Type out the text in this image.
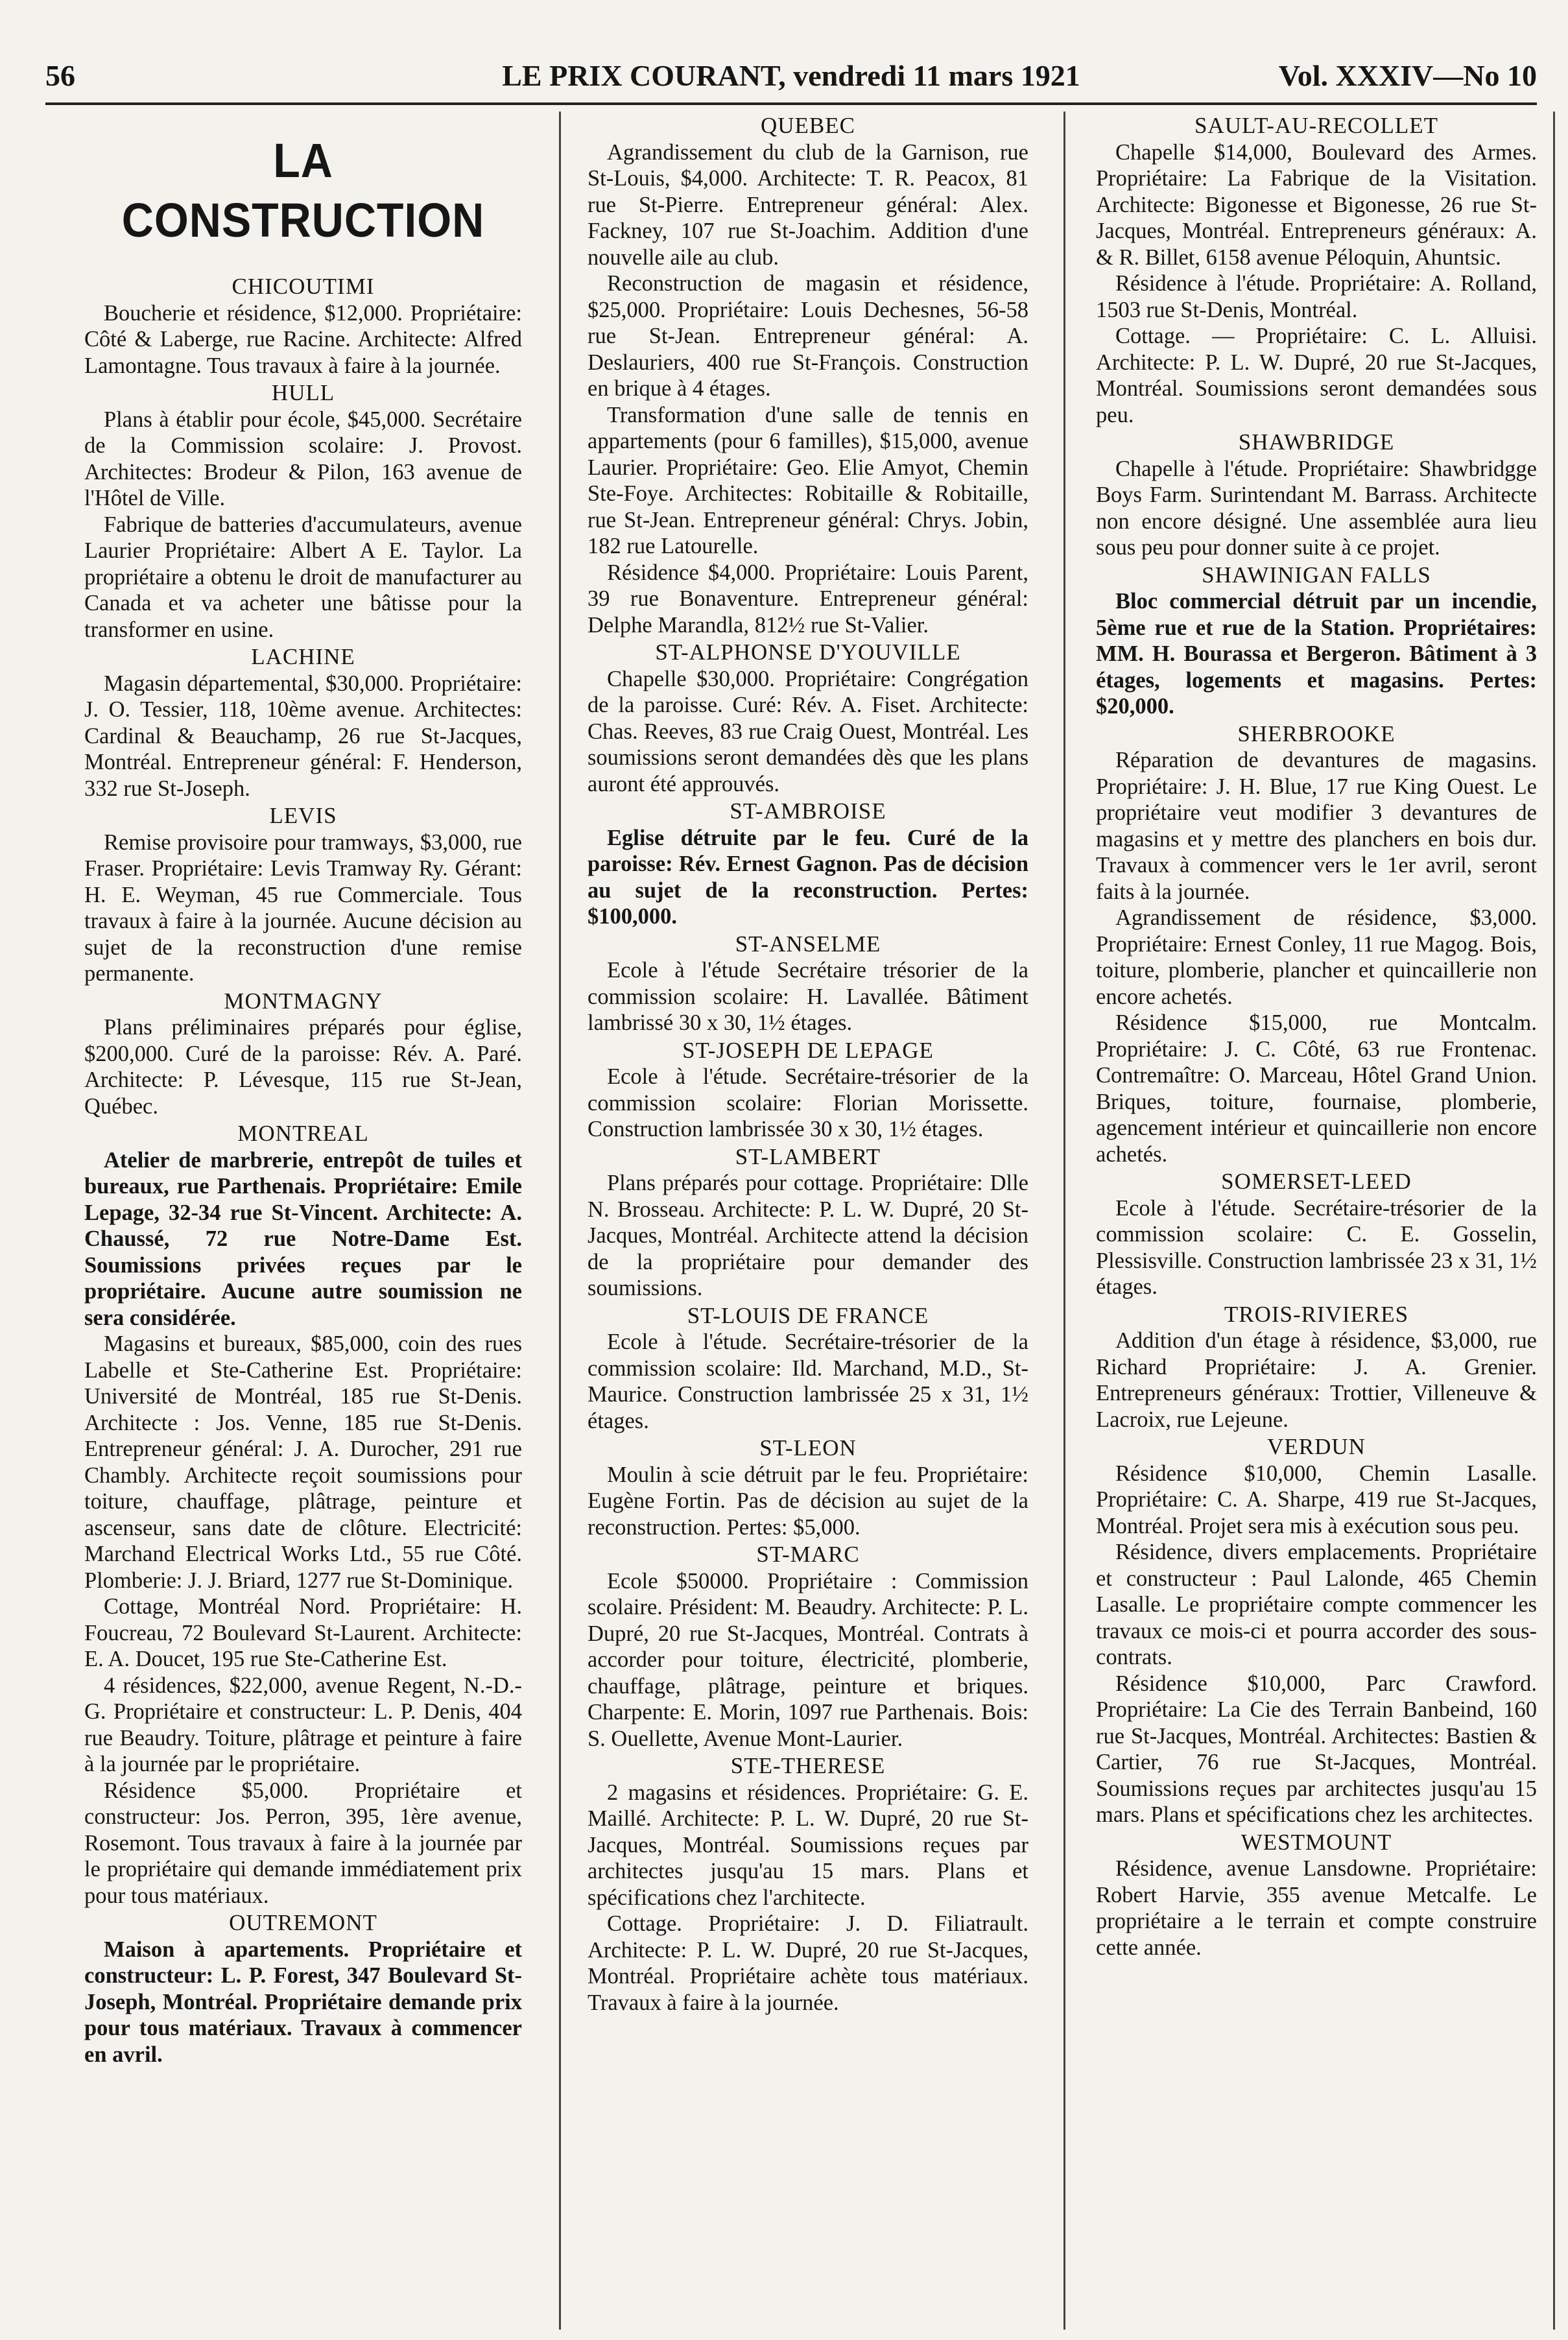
56	LE PRIX COURANT, vendredi 11 mars 1921	Vol. XXXIV—No 10
LA CONSTRUCTION
CHICOUTIMI

Boucherie et résidence, $12,000. Propriétaire: Côté & Laberge, rue Racine. Architecte: Alfred Lamontagne. Tous travaux à faire à la journée.

HULL

Plans à établir pour école, $45,000. Secrétaire de la Commission scolaire: J. Provost. Architectes: Brodeur & Pilon, 163 avenue de l'Hôtel de Ville.

Fabrique de batteries d'accumulateurs, avenue Laurier Propriétaire: Albert A E. Taylor. La propriétaire a obtenu le droit de manufacturer au Canada et va acheter une bâtisse pour la transformer en usine.

LACHINE

Magasin départemental, $30,000. Propriétaire: J. O. Tessier, 118, 10ème avenue. Architectes: Cardinal & Beauchamp, 26 rue St-Jacques, Montréal. Entrepreneur général: F. Henderson, 332 rue St-Joseph.

LEVIS

Remise provisoire pour tramways, $3,000, rue Fraser. Propriétaire: Levis Tramway Ry. Gérant: H. E. Weyman, 45 rue Commerciale. Tous travaux à faire à la journée. Aucune décision au sujet de la reconstruction d'une remise permanente.

MONTMAGNY

Plans préliminaires préparés pour église, $200,000. Curé de la paroisse: Rév. A. Paré. Architecte: P. Lévesque, 115 rue St-Jean, Québec.

MONTREAL

Atelier de marbrerie, entrepôt de tuiles et bureaux, rue Parthenais. Propriétaire: Emile Lepage, 32-34 rue St-Vincent. Architecte: A. Chaussé, 72 rue Notre-Dame Est. Soumissions privées reçues par le propriétaire. Aucune autre soumission ne sera considérée.

Magasins et bureaux, $85,000, coin des rues Labelle et Ste-Catherine Est. Propriétaire: Université de Montréal, 185 rue St-Denis. Architecte : Jos. Venne, 185 rue St-Denis. Entrepreneur général: J. A. Durocher, 291 rue Chambly. Architecte reçoit soumissions pour toiture, chauffage, plâtrage, peinture et ascenseur, sans date de clôture. Electricité: Marchand Electrical Works Ltd., 55 rue Côté. Plomberie: J. J. Briard, 1277 rue St-Dominique.

Cottage, Montréal Nord. Propriétaire: H. Foucreau, 72 Boulevard St-Laurent. Architecte: E. A. Doucet, 195 rue Ste-Catherine Est.

4 résidences, $22,000, avenue Regent, N.-D.-G. Propriétaire et constructeur: L. P. Denis, 404 rue Beaudry. Toiture, plâtrage et peinture à faire à la journée par le propriétaire.

Résidence $5,000. Propriétaire et constructeur: Jos. Perron, 395, 1ère avenue, Rosemont. Tous travaux à faire à la journée par le propriétaire qui demande immédiatement prix pour tous matériaux.

OUTREMONT

Maison à apartements. Propriétaire et constructeur: L. P. Forest, 347 Boulevard St-Joseph, Montréal. Propriétaire demande prix pour tous matériaux. Travaux à commencer en avril.

QUEBEC

Agrandissement du club de la Garnison, rue St-Louis, $4,000. Architecte: T. R. Peacox, 81 rue St-Pierre. Entrepreneur général: Alex. Fackney, 107 rue St-Joachim. Addition d'une nouvelle aile au club.

Reconstruction de magasin et résidence, $25,000. Propriétaire: Louis Dechesnes, 56-58 rue St-Jean. Entrepreneur général: A. Deslauriers, 400 rue St-François. Construction en brique à 4 étages.

Transformation d'une salle de tennis en appartements (pour 6 familles), $15,000, avenue Laurier. Propriétaire: Geo. Elie Amyot, Chemin Ste-Foye. Architectes: Robitaille & Robitaille, rue St-Jean. Entrepreneur général: Chrys. Jobin, 182 rue Latourelle.

Résidence $4,000. Propriétaire: Louis Parent, 39 rue Bonaventure. Entrepreneur général: Delphe Marandla, 812½ rue St-Valier.

ST-ALPHONSE D'YOUVILLE

Chapelle $30,000. Propriétaire: Congrégation de la paroisse. Curé: Rév. A. Fiset. Architecte: Chas. Reeves, 83 rue Craig Ouest, Montréal. Les soumissions seront demandées dès que les plans auront été approuvés.

ST-AMBROISE

Eglise détruite par le feu. Curé de la paroisse: Rév. Ernest Gagnon. Pas de décision au sujet de la reconstruction. Pertes: $100,000.

ST-ANSELME

Ecole à l'étude Secrétaire trésorier de la commission scolaire: H. Lavallée. Bâtiment lambrissé 30 x 30, 1½ étages.

ST-JOSEPH DE LEPAGE

Ecole à l'étude. Secrétaire-trésorier de la commission scolaire: Florian Morissette. Construction lambrissée 30 x 30, 1½ étages.

ST-LAMBERT

Plans préparés pour cottage. Propriétaire: Dlle N. Brosseau. Architecte: P. L. W. Dupré, 20 St-Jacques, Montréal. Architecte attend la décision de la propriétaire pour demander des soumissions.

ST-LOUIS DE FRANCE

Ecole à l'étude. Secrétaire-trésorier de la commission scolaire: Ild. Marchand, M.D., St-Maurice. Construction lambrissée 25 x 31, 1½ étages.

ST-LEON

Moulin à scie détruit par le feu. Propriétaire: Eugène Fortin. Pas de décision au sujet de la reconstruction. Pertes: $5,000.

ST-MARC

Ecole $50000. Propriétaire : Commission scolaire. Président: M. Beaudry. Architecte: P. L. Dupré, 20 rue St-Jacques, Montréal. Contrats à accorder pour toiture, électricité, plomberie, chauffage, plâtrage, peinture et briques. Charpente: E. Morin, 1097 rue Parthenais. Bois: S. Ouellette, Avenue Mont-Laurier.

STE-THERESE

2 magasins et résidences. Propriétaire: G. E. Maillé. Architecte: P. L. W. Dupré, 20 rue St-Jacques, Montréal. Soumissions reçues par architectes jusqu'au 15 mars. Plans et spécifications chez l'architecte.

Cottage. Propriétaire: J. D. Filiatrault. Architecte: P. L. W. Dupré, 20 rue St-Jacques, Montréal. Propriétaire achète tous matériaux. Travaux à faire à la journée.

SAULT-AU-RECOLLET

Chapelle $14,000, Boulevard des Armes. Propriétaire: La Fabrique de la Visitation. Architecte: Bigonesse et Bigonesse, 26 rue St-Jacques, Montréal. Entrepreneurs généraux: A. & R. Billet, 6158 avenue Péloquin, Ahuntsic.

Résidence à l'étude. Propriétaire: A. Rolland, 1503 rue St-Denis, Montréal.

Cottage. — Propriétaire: C. L. Alluisi. Architecte: P. L. W. Dupré, 20 rue St-Jacques, Montréal. Soumissions seront demandées sous peu.

SHAWBRIDGE

Chapelle à l'étude. Propriétaire: Shawbridgge Boys Farm. Surintendant M. Barrass. Architecte non encore désigné. Une assemblée aura lieu sous peu pour donner suite à ce projet.

SHAWINIGAN FALLS

Bloc commercial détruit par un incendie, 5ème rue et rue de la Station. Propriétaires: MM. H. Bourassa et Bergeron. Bâtiment à 3 étages, logements et magasins. Pertes: $20,000.

SHERBROOKE

Réparation de devantures de magasins. Propriétaire: J. H. Blue, 17 rue King Ouest. Le propriétaire veut modifier 3 devantures de magasins et y mettre des planchers en bois dur. Travaux à commencer vers le 1er avril, seront faits à la journée.

Agrandissement de résidence, $3,000. Propriétaire: Ernest Conley, 11 rue Magog. Bois, toiture, plomberie, plancher et quincaillerie non encore achetés.

Résidence $15,000, rue Montcalm. Propriétaire: J. C. Côté, 63 rue Frontenac. Contremaître: O. Marceau, Hôtel Grand Union. Briques, toiture, fournaise, plomberie, agencement intérieur et quincaillerie non encore achetés.

SOMERSET-LEED

Ecole à l'étude. Secrétaire-trésorier de la commission scolaire: C. E. Gosselin, Plessisville. Construction lambrissée 23 x 31, 1½ étages.

TROIS-RIVIERES

Addition d'un étage à résidence, $3,000, rue Richard Propriétaire: J. A. Grenier. Entrepreneurs généraux: Trottier, Villeneuve & Lacroix, rue Lejeune.

VERDUN

Résidence $10,000, Chemin Lasalle. Propriétaire: C. A. Sharpe, 419 rue St-Jacques, Montréal. Projet sera mis à exécution sous peu.

Résidence, divers emplacements. Propriétaire et constructeur : Paul Lalonde, 465 Chemin Lasalle. Le propriétaire compte commencer les travaux ce mois-ci et pourra accorder des sous-contrats.

Résidence $10,000, Parc Crawford. Propriétaire: La Cie des Terrain Banbeind, 160 rue St-Jacques, Montréal. Architectes: Bastien & Cartier, 76 rue St-Jacques, Montréal. Soumissions reçues par architectes jusqu'au 15 mars. Plans et spécifications chez les architectes.

WESTMOUNT

Résidence, avenue Lansdowne. Propriétaire: Robert Harvie, 355 avenue Metcalfe. Le propriétaire a le terrain et compte construire cette année.
